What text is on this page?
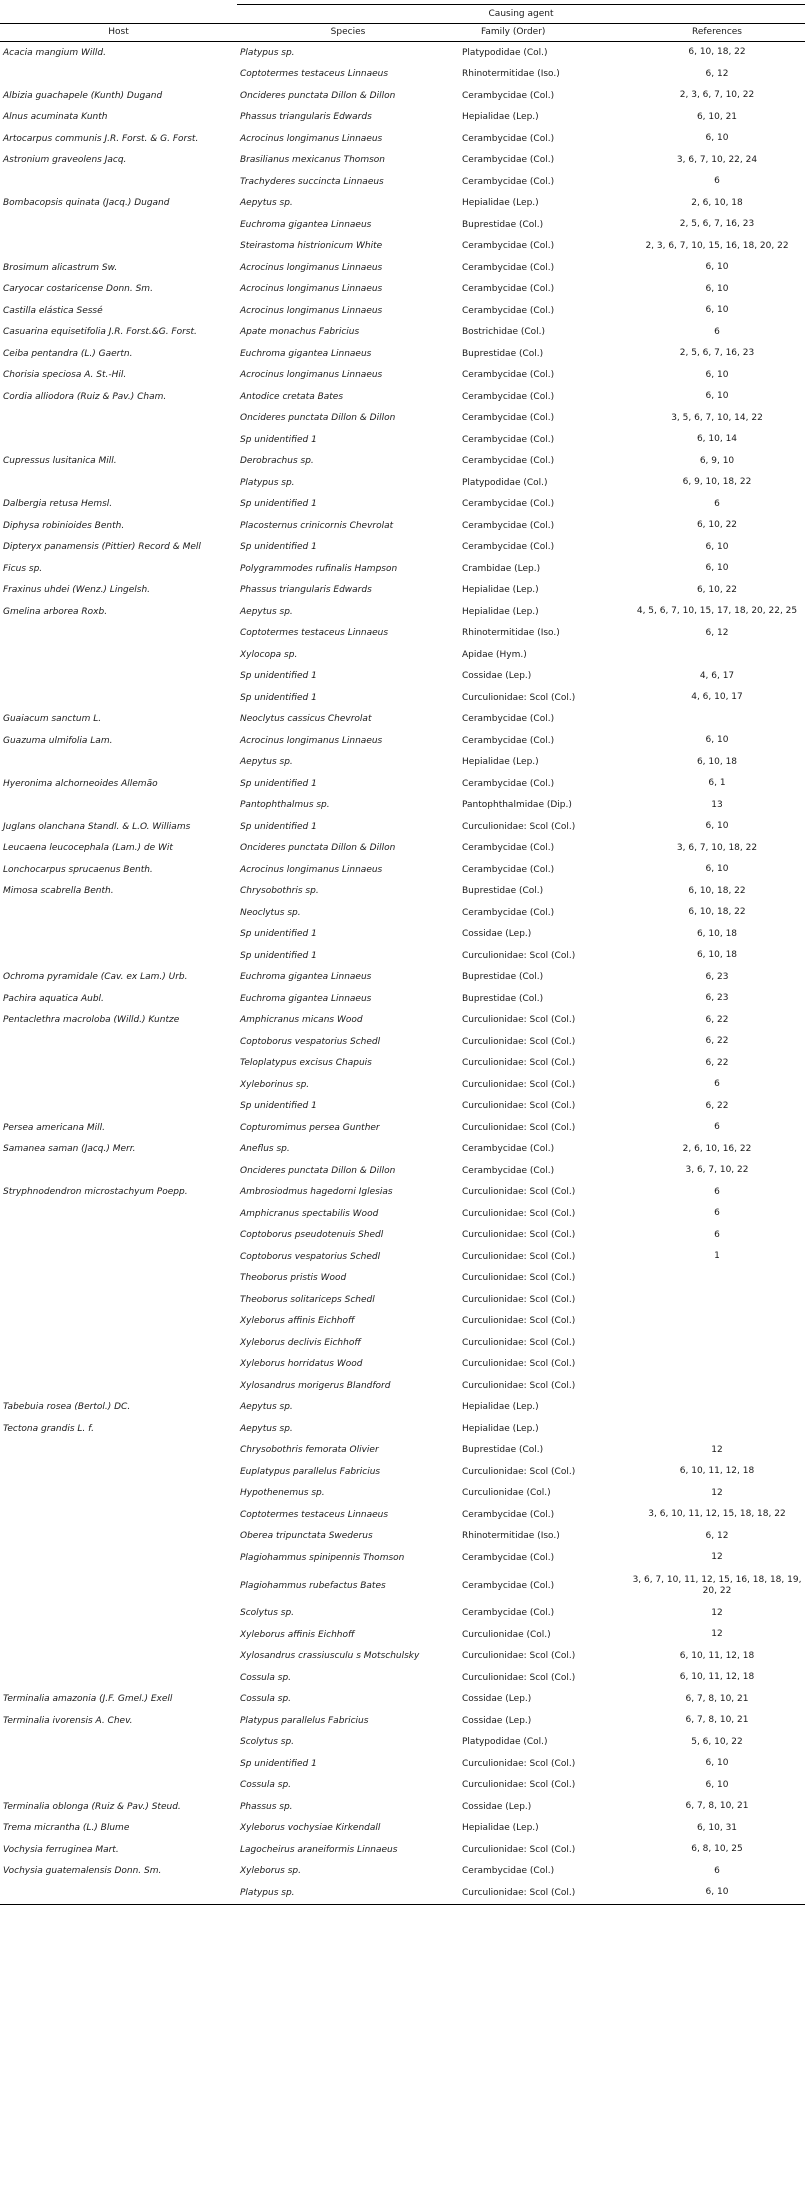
	Causing agent		
Host	Species	Family (Order)	References
Acacia mangium Willd.	Platypus sp.	Platypodidae (Col.)	6, 10, 18, 22
	Coptotermes testaceus Linnaeus	Rhinotermitidae (Iso.)	6, 12
Albizia guachapele (Kunth) Dugand	Oncideres punctata Dillon & Dillon	Cerambycidae (Col.)	2, 3, 6, 7, 10, 22
Alnus acuminata Kunth	Phassus triangularis Edwards	Hepialidae (Lep.)	6, 10, 21
Artocarpus communis J.R. Forst. & G. Forst.	Acrocinus longimanus Linnaeus	Cerambycidae (Col.)	6, 10
Astronium graveolens Jacq.	Brasilianus mexicanus Thomson	Cerambycidae (Col.)	3, 6, 7, 10, 22, 24
	Trachyderes succincta Linnaeus	Cerambycidae (Col.)	6
Bombacopsis quinata (Jacq.) Dugand	Aepytus sp.	Hepialidae (Lep.)	2, 6, 10, 18
	Euchroma gigantea Linnaeus	Buprestidae (Col.)	2, 5, 6, 7, 16, 23
	Steirastoma histrionicum White	Cerambycidae (Col.)	2, 3, 6, 7, 10, 15, 16, 18, 20, 22
Brosimum alicastrum Sw.	Acrocinus longimanus Linnaeus	Cerambycidae (Col.)	6, 10
Caryocar costaricense Donn. Sm.	Acrocinus longimanus Linnaeus	Cerambycidae (Col.)	6, 10
Castilla elástica Sessé	Acrocinus longimanus Linnaeus	Cerambycidae (Col.)	6, 10
Casuarina equisetifolia J.R. Forst.&G. Forst.	Apate monachus Fabricius	Bostrichidae (Col.)	6
Ceiba pentandra (L.) Gaertn.	Euchroma gigantea Linnaeus	Buprestidae (Col.)	2, 5, 6, 7, 16, 23
Chorisia speciosa A. St.-Hil.	Acrocinus longimanus Linnaeus	Cerambycidae (Col.)	6, 10
Cordia alliodora (Ruiz & Pav.) Cham.	Antodice cretata Bates	Cerambycidae (Col.)	6, 10
	Oncideres punctata Dillon & Dillon	Cerambycidae (Col.)	3, 5, 6, 7, 10, 14, 22
	Sp unidentified 1	Cerambycidae (Col.)	6, 10, 14
Cupressus lusitanica Mill.	Derobrachus sp.	Cerambycidae (Col.)	6, 9, 10
	Platypus sp.	Platypodidae (Col.)	6, 9, 10, 18, 22
Dalbergia retusa Hemsl.	Sp unidentified 1	Cerambycidae (Col.)	6
Diphysa robinioides Benth.	Placosternus crinicornis Chevrolat	Cerambycidae (Col.)	6, 10, 22
Dipteryx panamensis (Pittier) Record & Mell	Sp unidentified 1	Cerambycidae (Col.)	6, 10
Ficus sp.	Polygrammodes rufinalis Hampson	Crambidae (Lep.)	6, 10
Fraxinus uhdei (Wenz.) Lingelsh.	Phassus triangularis Edwards	Hepialidae (Lep.)	6, 10, 22
Gmelina arborea Roxb.	Aepytus sp.	Hepialidae (Lep.)	4, 5, 6, 7, 10, 15, 17, 18, 20, 22, 25
	Coptotermes testaceus Linnaeus	Rhinotermitidae (Iso.)	6, 12
	Xylocopa sp.	Apidae (Hym.)	
	Sp unidentified 1	Cossidae (Lep.)	4, 6, 17
	Sp unidentified 1	Curculionidae: Scol (Col.)	4, 6, 10, 17
Guaiacum sanctum L.	Neoclytus cassicus Chevrolat	Cerambycidae (Col.)	
Guazuma ulmifolia Lam.	Acrocinus longimanus Linnaeus	Cerambycidae (Col.)	6, 10
	Aepytus sp.	Hepialidae (Lep.)	6, 10, 18
Hyeronima alchorneoides Allemão	Sp unidentified 1	Cerambycidae (Col.)	6, 1
	Pantophthalmus sp.	Pantophthalmidae (Dip.)	13
Juglans olanchana Standl. & L.O. Williams	Sp unidentified 1	Curculionidae: Scol (Col.)	6, 10
Leucaena leucocephala (Lam.) de Wit	Oncideres punctata Dillon & Dillon	Cerambycidae (Col.)	3, 6, 7, 10, 18, 22
Lonchocarpus sprucaenus Benth.	Acrocinus longimanus Linnaeus	Cerambycidae (Col.)	6, 10
Mimosa scabrella Benth.	Chrysobothris sp.	Buprestidae (Col.)	6, 10, 18, 22
	Neoclytus sp.	Cerambycidae (Col.)	6, 10, 18, 22
	Sp unidentified 1	Cossidae (Lep.)	6, 10, 18
	Sp unidentified 1	Curculionidae: Scol (Col.)	6, 10, 18
Ochroma pyramidale (Cav. ex Lam.) Urb.	Euchroma gigantea Linnaeus	Buprestidae (Col.)	6, 23
Pachira aquatica Aubl.	Euchroma gigantea Linnaeus	Buprestidae (Col.)	6, 23
Pentaclethra macroloba (Willd.) Kuntze	Amphicranus micans Wood	Curculionidae: Scol (Col.)	6, 22
	Coptoborus vespatorius Schedl	Curculionidae: Scol (Col.)	6, 22
	Teloplatypus excisus Chapuis	Curculionidae: Scol (Col.)	6, 22
	Xyleborinus sp.	Curculionidae: Scol (Col.)	6
	Sp unidentified 1	Curculionidae: Scol (Col.)	6, 22
Persea americana Mill.	Copturomimus persea Gunther	Curculionidae: Scol (Col.)	6
Samanea saman (Jacq.) Merr.	Aneflus sp.	Cerambycidae (Col.)	2, 6, 10, 16, 22
	Oncideres punctata Dillon & Dillon	Cerambycidae (Col.)	3, 6, 7, 10, 22
Stryphnodendron microstachyum Poepp.	Ambrosiodmus hagedorni Iglesias	Curculionidae: Scol (Col.)	6
	Amphicranus spectabilis Wood	Curculionidae: Scol (Col.)	6
	Coptoborus pseudotenuis Shedl	Curculionidae: Scol (Col.)	6
	Coptoborus vespatorius Schedl	Curculionidae: Scol (Col.)	1
	Theoborus pristis Wood	Curculionidae: Scol (Col.)	
	Theoborus solitariceps Schedl	Curculionidae: Scol (Col.)	
	Xyleborus affinis Eichhoff	Curculionidae: Scol (Col.)	
	Xyleborus declivis Eichhoff	Curculionidae: Scol (Col.)	
	Xyleborus horridatus Wood	Curculionidae: Scol (Col.)	
	Xylosandrus morigerus Blandford	Curculionidae: Scol (Col.)	
Tabebuia rosea (Bertol.) DC.	Aepytus sp.	Hepialidae (Lep.)	
Tectona grandis L. f.	Aepytus sp.	Hepialidae (Lep.)	
	Chrysobothris femorata Olivier	Buprestidae (Col.)	12
	Euplatypus parallelus Fabricius	Curculionidae: Scol (Col.)	6, 10, 11, 12, 18
	Hypothenemus sp.	Curculionidae (Col.)	12
	Coptotermes testaceus Linnaeus	Cerambycidae (Col.)	3, 6, 10, 11, 12, 15, 18, 18, 22
	Oberea tripunctata Swederus	Rhinotermitidae (Iso.)	6, 12
	Plagiohammus spinipennis Thomson	Cerambycidae (Col.)	12
	Plagiohammus rubefactus Bates	Cerambycidae (Col.)	3, 6, 7, 10, 11, 12, 15, 16, 18, 18, 19, 20, 22
	Scolytus sp.	Cerambycidae (Col.)	12
	Xyleborus affinis Eichhoff	Curculionidae (Col.)	12
	Xylosandrus crassiusculu s Motschulsky	Curculionidae: Scol (Col.)	6, 10, 11, 12, 18
	Cossula sp.	Curculionidae: Scol (Col.)	6, 10, 11, 12, 18
Terminalia amazonia (J.F. Gmel.) Exell	Cossula sp.	Cossidae (Lep.)	6, 7, 8, 10, 21
Terminalia ivorensis A. Chev.	Platypus parallelus Fabricius	Cossidae (Lep.)	6, 7, 8, 10, 21
	Scolytus sp.	Platypodidae (Col.)	5, 6, 10, 22
	Sp unidentified 1	Curculionidae: Scol (Col.)	6, 10
	Cossula sp.	Curculionidae: Scol (Col.)	6, 10
Terminalia oblonga (Ruiz & Pav.) Steud.	Phassus sp.	Cossidae (Lep.)	6, 7, 8, 10, 21
Trema micrantha (L.) Blume	Xyleborus vochysiae Kirkendall	Hepialidae (Lep.)	6, 10, 31
Vochysia ferruginea Mart.	Lagocheirus araneiformis Linnaeus	Curculionidae: Scol (Col.)	6, 8, 10, 25
Vochysia guatemalensis Donn. Sm.	Xyleborus sp.	Cerambycidae (Col.)	6
	Platypus sp.	Curculionidae: Scol (Col.)	6, 10
